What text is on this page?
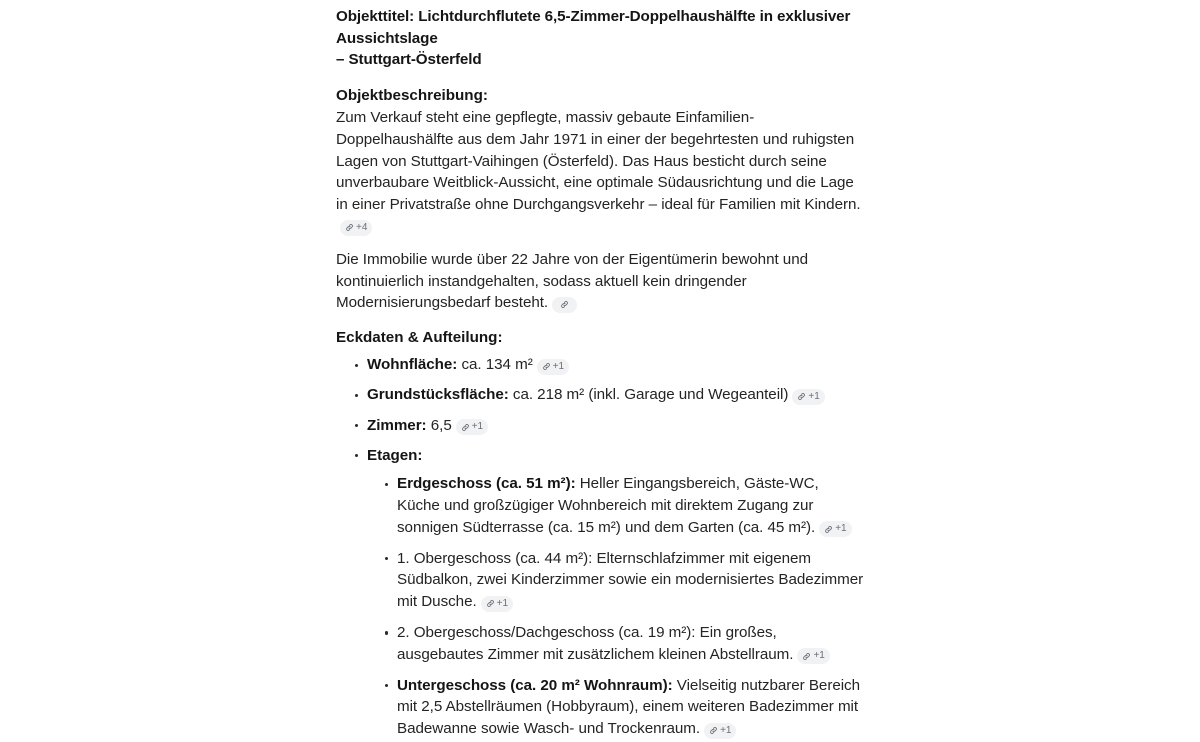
Objekttitel: Lichtdurchflutete 6,5-Zimmer-Doppelhaushälfte in exklusiver Aussichtslage
– Stuttgart-Österfeld
Objektbeschreibung:

Zum Verkauf steht eine gepflegte, massiv gebaute Einfamilien-Doppelhaushälfte aus dem Jahr 1971 in einer der begehrtesten und ruhigsten Lagen von Stuttgart-Vaihingen (Österfeld). Das Haus besticht durch seine unverbaubare Weitblick-Aussicht, eine optimale Südausrichtung und die Lage in einer Privatstraße ohne Durchgangsverkehr – ideal für Familien mit Kindern.
+4

Die Immobilie wurde über 22 Jahre von der Eigentümerin bewohnt und kontinuierlich instandgehalten, sodass aktuell kein dringender Modernisierungsbedarf besteht.

Eckdaten & Aufteilung:
Wohnfläche: ca. 134 m² +1
Grundstücksfläche: ca. 218 m² (inkl. Garage und Wegeanteil) +1
Zimmer: 6,5 +1
Etagen:
Erdgeschoss (ca. 51 m²): Heller Eingangsbereich, Gäste-WC, Küche und großzügiger Wohnbereich mit direktem Zugang zur sonnigen Südterrasse (ca. 15 m²) und dem Garten (ca. 45 m²). +1
1. Obergeschoss (ca. 44 m²): Elternschlafzimmer mit eigenem Südbalkon, zwei Kinderzimmer sowie ein modernisiertes Badezimmer mit Dusche. +1
2. Obergeschoss/Dachgeschoss (ca. 19 m²): Ein großes, ausgebautes Zimmer mit zusätzlichem kleinen Abstellraum. +1
Untergeschoss (ca. 20 m² Wohnraum): Vielseitig nutzbarer Bereich mit 2,5 Abstellräumen (Hobbyraum), einem weiteren Badezimmer mit Badewanne sowie Wasch- und Trockenraum. +1
